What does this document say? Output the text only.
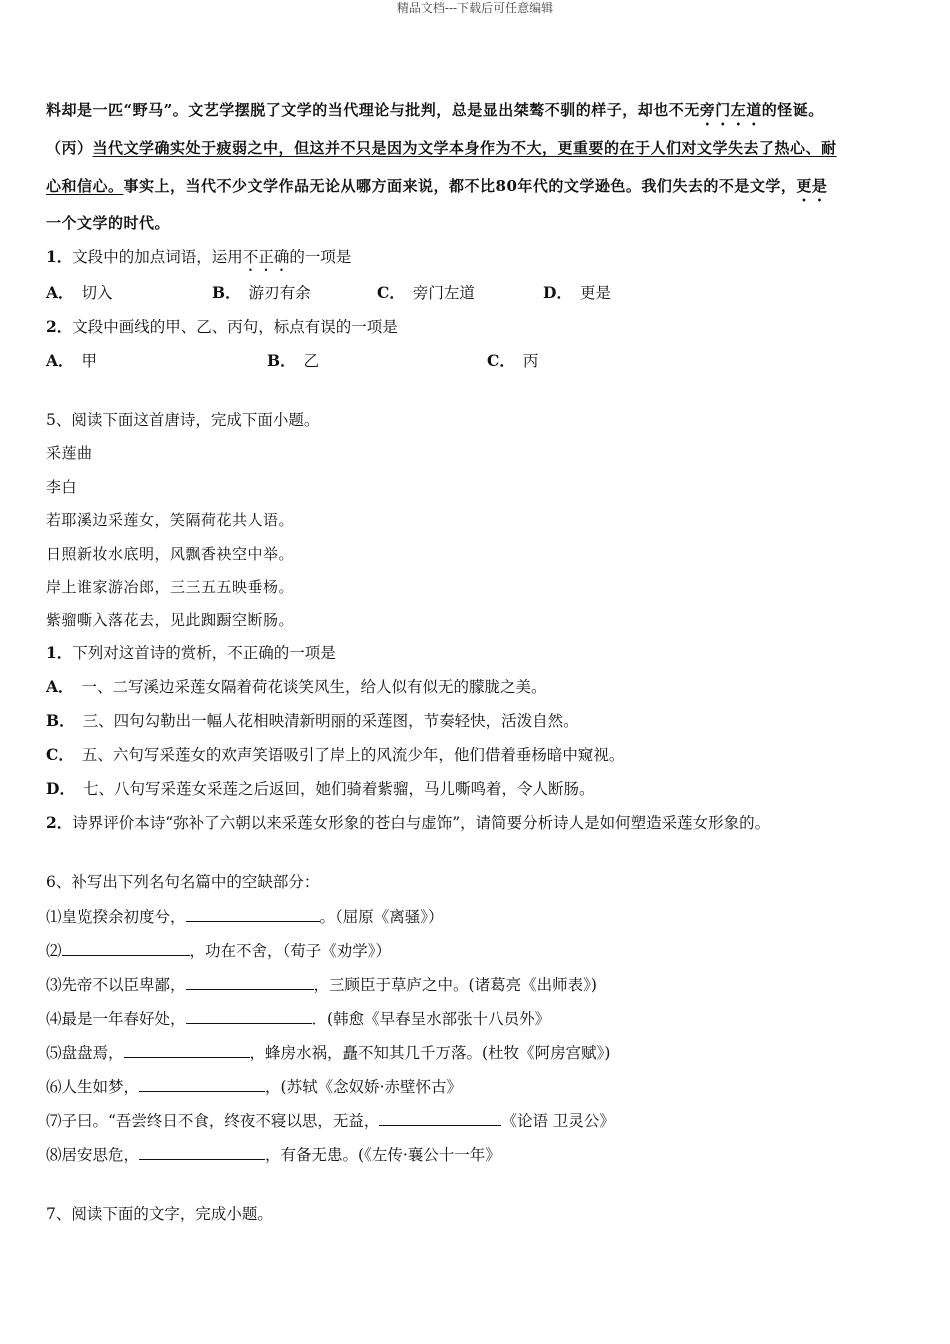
精品文档---下载后可任意编辑
料却是一匹“野马”。文艺学摆脱了文学的当代理论与批判，总是显出桀骜不驯的样子，却也不无旁门左道的怪诞。
（丙）当代文学确实处于疲弱之中，但这并不只是因为文学本身作为不大，更重要的在于人们对文学失去了热心、耐
心和信心。事实上，当代不少文学作品无论从哪方面来说，都不比80年代的文学逊色。我们失去的不是文学，更是
一个文学的时代。
1．文段中的加点词语，运用不正确的一项是
A． 切入	B． 游刃有余	C． 旁门左道	D． 更是
2．文段中画线的甲、乙、丙句，标点有误的一项是
A． 甲	B． 乙	C． 丙
5、阅读下面这首唐诗，完成下面小题。
采莲曲
李白
若耶溪边采莲女，笑隔荷花共人语。
日照新妆水底明，风飘香袂空中举。
岸上谁家游冶郎，三三五五映垂杨。
紫骝嘶入落花去，见此踟蹰空断肠。
1．下列对这首诗的赏析，不正确的一项是
A． 一、二写溪边采莲女隔着荷花谈笑风生，给人似有似无的朦胧之美。
B． 三、四句勾勒出一幅人花相映清新明丽的采莲图，节奏轻快，活泼自然。
C． 五、六句写采莲女的欢声笑语吸引了岸上的风流少年，他们借着垂杨暗中窥视。
D． 七、八句写采莲女采莲之后返回，她们骑着紫骝，马儿嘶鸣着，令人断肠。
2．诗界评价本诗“弥补了六朝以来采莲女形象的苍白与虚饰”，请简要分析诗人是如何塑造采莲女形象的。
6、补写出下列名句名篇中的空缺部分：
⑴皇览揆余初度兮，	。（屈原《离骚》）
⑵	，功在不舍，（荀子《劝学》）
⑶先帝不以臣卑鄙，	，三顾臣于草庐之中。(诸葛亮《出师表》)
⑷最是一年春好处，	．(韩愈《早春呈水部张十八员外》
⑸盘盘焉，	，蜂房水祸，矗不知其几千万落。(杜牧《阿房宫赋》)
⑹人生如梦，	，(苏轼《念奴娇·赤壁怀古》
⑺子曰。“吾尝终日不食，终夜不寝以思，无益，	《论语 卫灵公》
⑻居安思危，	，有备无患。(《左传·襄公十一年》
7、阅读下面的文字，完成小题。
